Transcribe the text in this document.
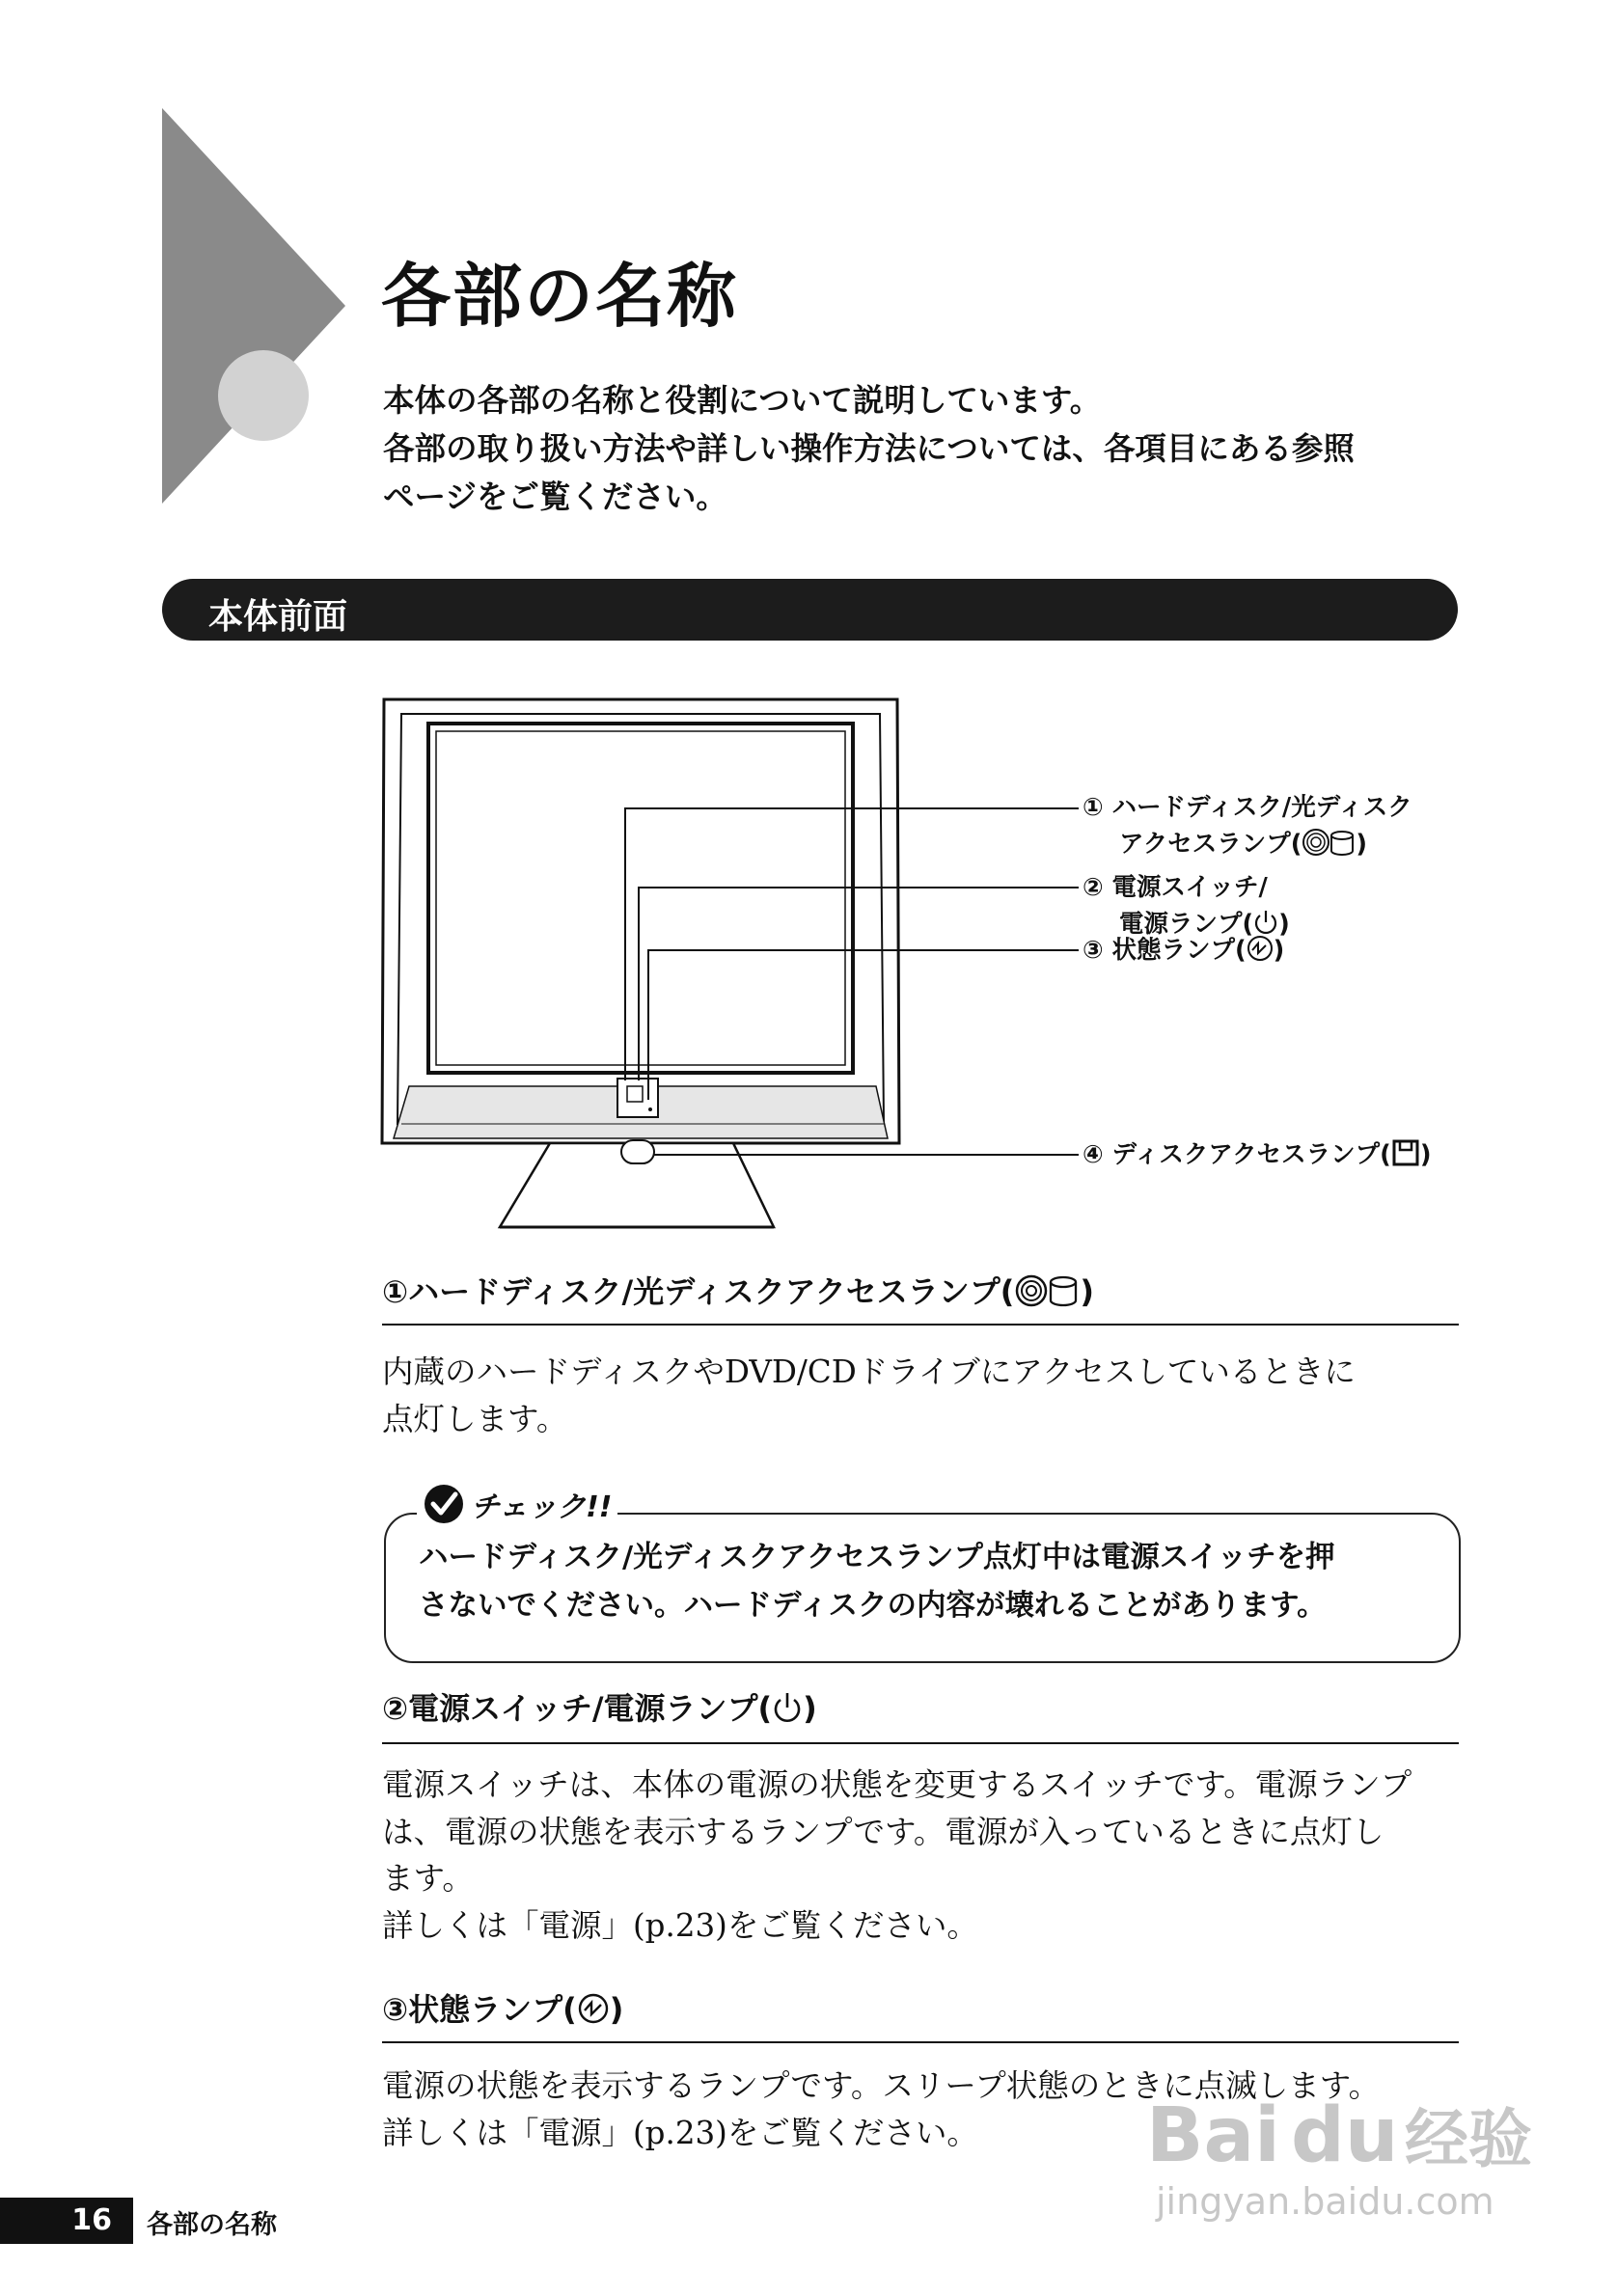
各部の名称
本体の各部の名称と役割について説明しています。
各部の取り扱い方法や詳しい操作方法については、各項目にある参照
ページをご覧ください。
本体前面
① ハードディスク/光ディスク
アクセスランプ( )
② 電源スイッチ/
電源ランプ( )
③ 状態ランプ( )
④ ディスクアクセスランプ( )
①ハードディスク/光ディスクアクセスランプ( )
内蔵のハードディスクやDVD/CDドライブにアクセスしているときに
点灯します。
チェック!!
ハードディスク/光ディスクアクセスランプ点灯中は電源スイッチを押
さないでください。ハードディスクの内容が壊れることがあります。
②電源スイッチ/電源ランプ( )
電源スイッチは、本体の電源の状態を変更するスイッチです。電源ランプ
は、電源の状態を表示するランプです。電源が入っているときに点灯し
ます。
詳しくは「電源」(p.23)をご覧ください。
③状態ランプ( )
電源の状態を表示するランプです。スリープ状態のときに点滅します。
詳しくは「電源」(p.23)をご覧ください。
16	各部の名称
Bai du 经验
jingyan.baidu.com
